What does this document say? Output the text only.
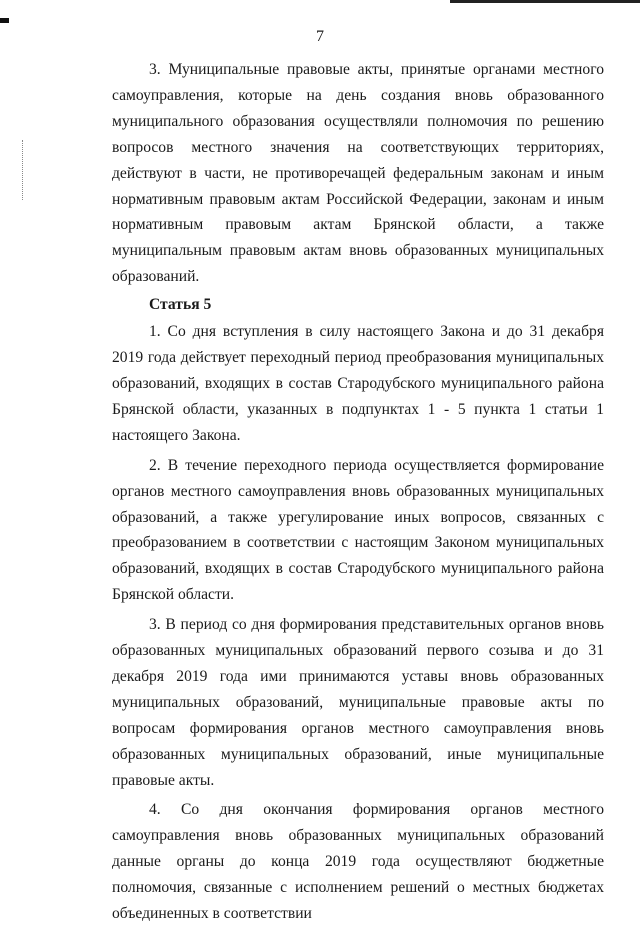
7

3. Муниципальные правовые акты, принятые органами местного самоуправления, которые на день создания вновь образованного муниципального образования осуществляли полномочия по решению вопросов местного значения на соответствующих территориях, действуют в части, не противоречащей федеральным законам и иным нормативным правовым актам Российской Федерации, законам и иным нормативным правовым актам Брянской области, а также муниципальным правовым актам вновь образованных муниципальных образований.

Статья 5

1. Со дня вступления в силу настоящего Закона и до 31 декабря 2019 года действует переходный период преобразования муниципальных образований, входящих в состав Стародубского муниципального района Брянской области, указанных в подпунктах 1 - 5 пункта 1 статьи 1 настоящего Закона.

2. В течение переходного периода осуществляется формирование органов местного самоуправления вновь образованных муниципальных образований, а также урегулирование иных вопросов, связанных с преобразованием в соответствии с настоящим Законом муниципальных образований, входящих в состав Стародубского муниципального района Брянской области.

3. В период со дня формирования представительных органов вновь образованных муниципальных образований первого созыва и до 31 декабря 2019 года ими принимаются уставы вновь образованных муниципальных образований, муниципальные правовые акты по вопросам формирования органов местного самоуправления вновь образованных муниципальных образований, иные муниципальные правовые акты.

4. Со дня окончания формирования органов местного самоуправления вновь образованных муниципальных образований данные органы до конца 2019 года осуществляют бюджетные полномочия, связанные с исполнением решений о местных бюджетах объединенных в соответствии
